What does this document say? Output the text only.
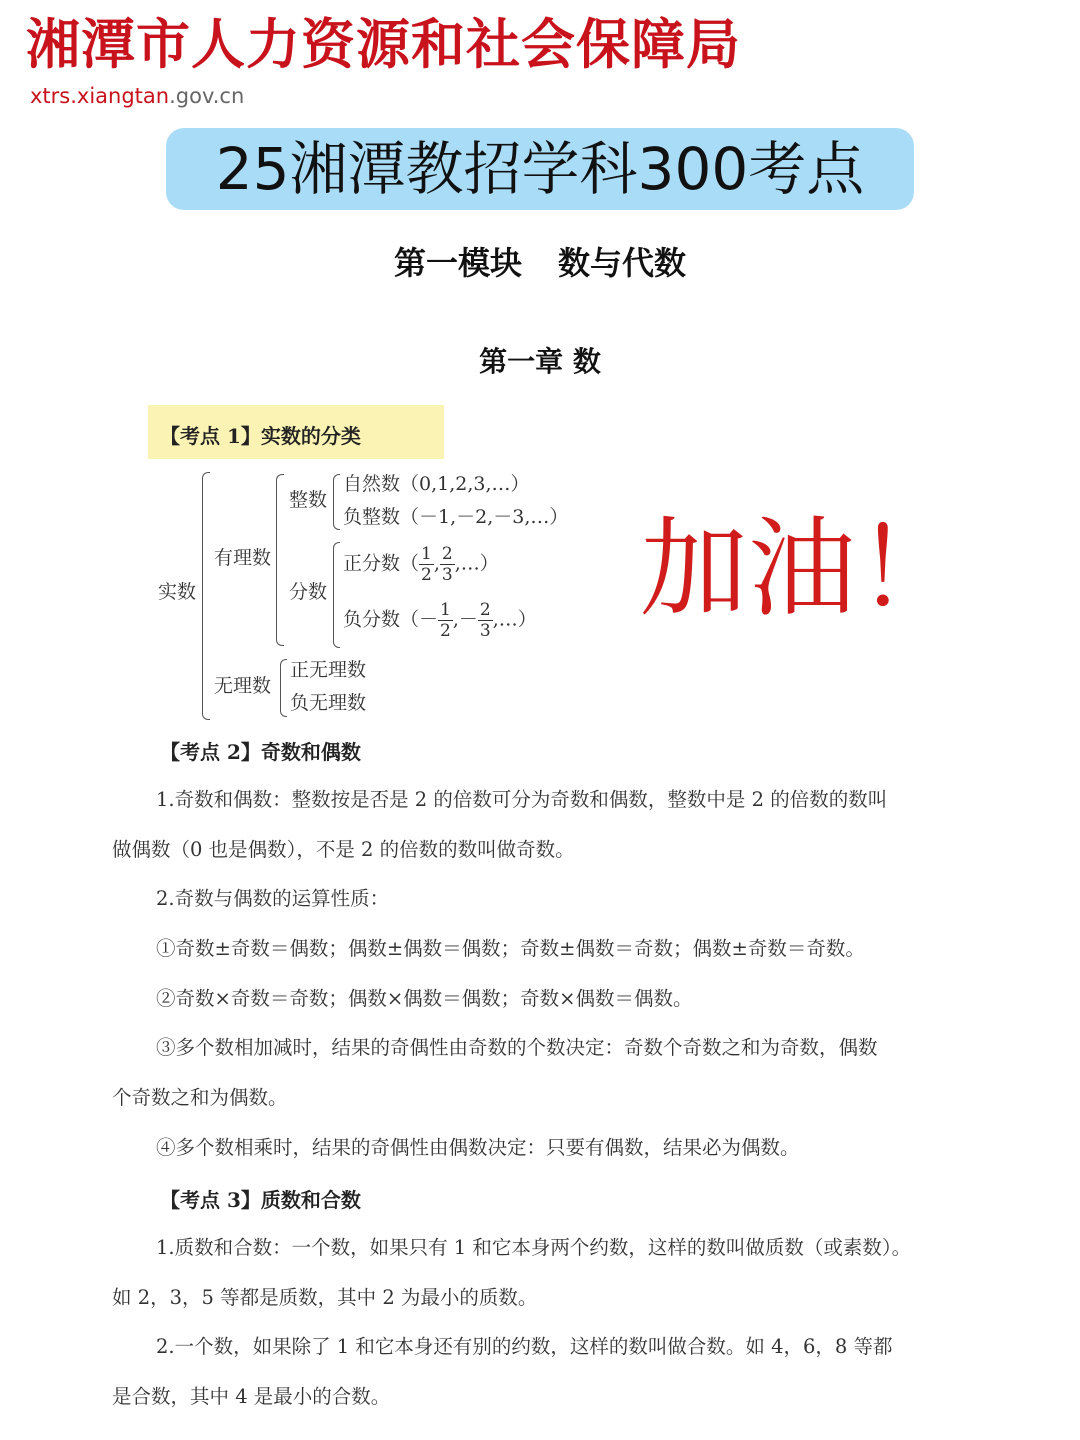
湘潭市人力资源和社会保障局
xtrs.xiangtan.gov.cn
25湘潭教招学科300考点
第一模块 数与代数
第一章 数
【考点 1】实数的分类
实数
有理数
整数
自然数（0,1,2,3,…）
负整数（－1,－2,－3,…）
分数
正分数（ $\frac{1}{2}$ , $\frac{2}{3}$ ,…）
负分数（－ $\frac{1}{2}$ ,－ $\frac{2}{3}$ ,…）
无理数
正无理数
负无理数
加油！
【考点 2】奇数和偶数
1.奇数和偶数：整数按是否是 2 的倍数可分为奇数和偶数，整数中是 2 的倍数的数叫
做偶数（0 也是偶数），不是 2 的倍数的数叫做奇数。
2.奇数与偶数的运算性质：
①奇数±奇数＝偶数；偶数±偶数＝偶数；奇数±偶数＝奇数；偶数±奇数＝奇数。
②奇数×奇数＝奇数；偶数×偶数＝偶数；奇数×偶数＝偶数。
③多个数相加减时，结果的奇偶性由奇数的个数决定：奇数个奇数之和为奇数，偶数
个奇数之和为偶数。
④多个数相乘时，结果的奇偶性由偶数决定：只要有偶数，结果必为偶数。
【考点 3】质数和合数
1.质数和合数：一个数，如果只有 1 和它本身两个约数，这样的数叫做质数（或素数）。
如 2，3，5 等都是质数，其中 2 为最小的质数。
2.一个数，如果除了 1 和它本身还有别的约数，这样的数叫做合数。如 4，6，8 等都
是合数，其中 4 是最小的合数。
